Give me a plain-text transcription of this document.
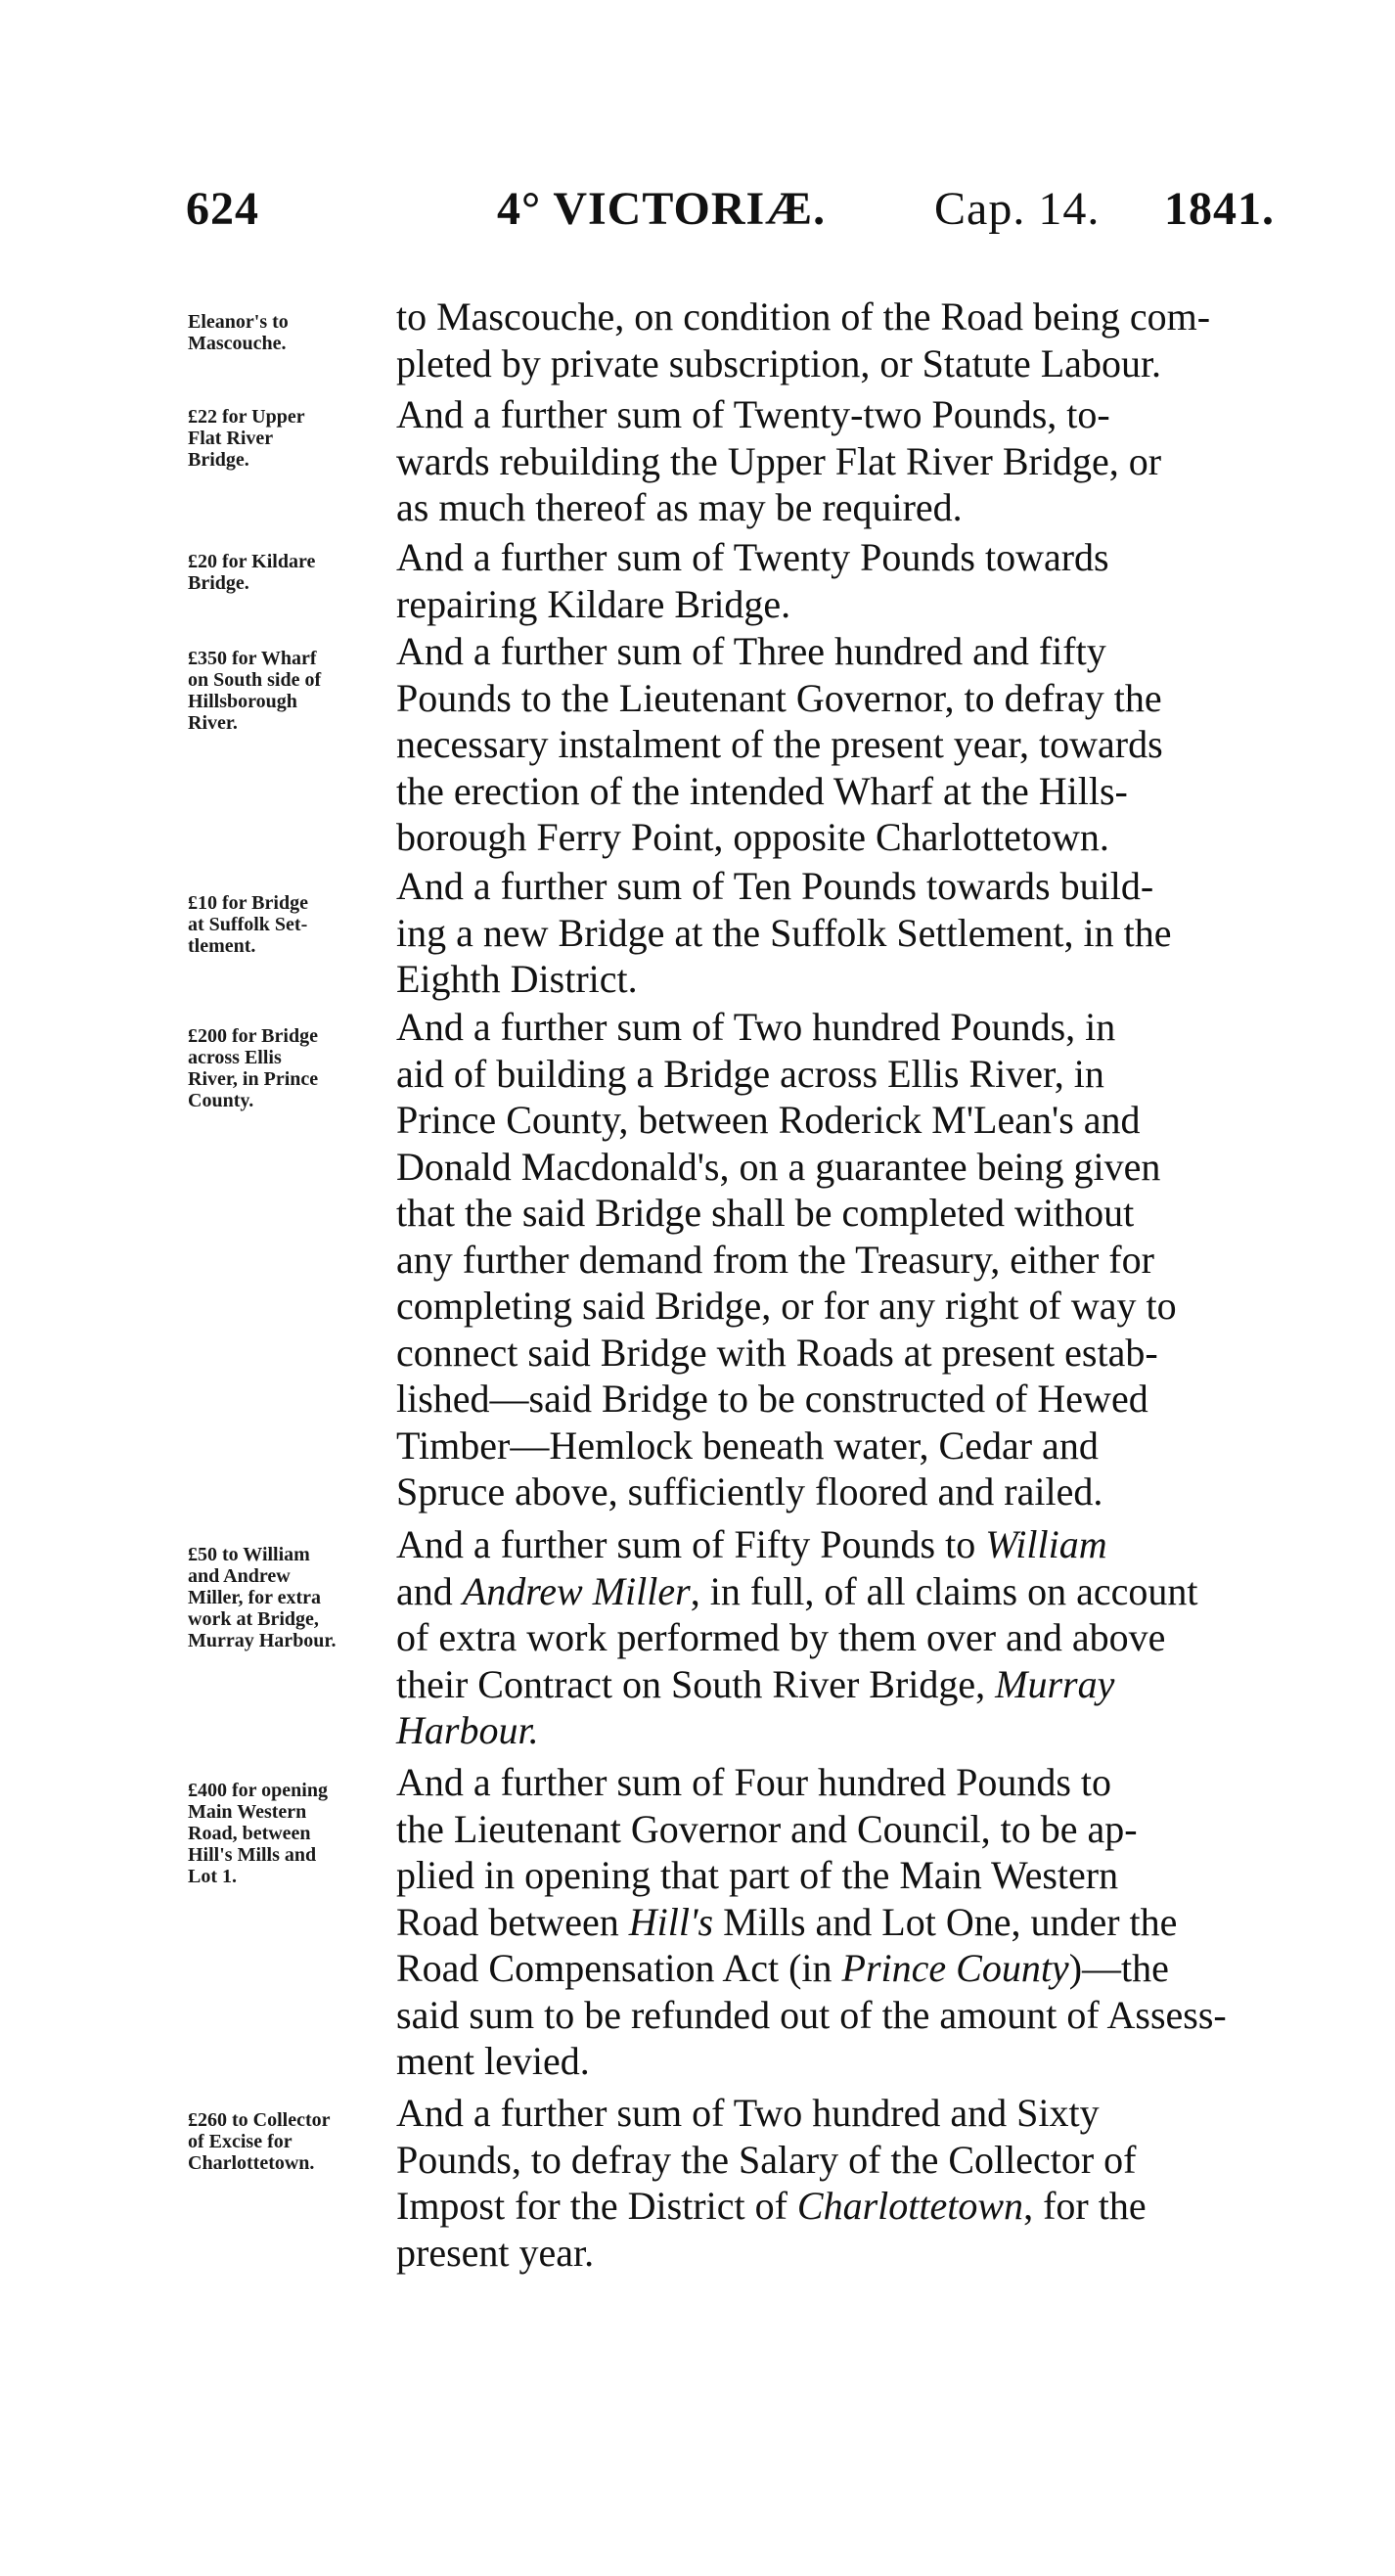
624	4° VICTORIÆ. Cap. 14. 1841.
Eleanor's to
Mascouche.
to Mascouche, on condition of the Road being com-
pleted by private subscription, or Statute Labour.
£22 for Upper
Flat River
Bridge.
And a further sum of Twenty-two Pounds, to-
wards rebuilding the Upper Flat River Bridge, or
as much thereof as may be required.
£20 for Kildare
Bridge.
And a further sum of Twenty Pounds towards
repairing Kildare Bridge.
£350 for Wharf
on South side of
Hillsborough
River.
And a further sum of Three hundred and fifty
Pounds to the Lieutenant Governor, to defray the
necessary instalment of the present year, towards
the erection of the intended Wharf at the Hills-
borough Ferry Point, opposite Charlottetown.
£10 for Bridge
at Suffolk Set-
tlement.
And a further sum of Ten Pounds towards build-
ing a new Bridge at the Suffolk Settlement, in the
Eighth District.
£200 for Bridge
across Ellis
River, in Prince
County.
And a further sum of Two hundred Pounds, in
aid of building a Bridge across Ellis River, in
Prince County, between Roderick M'Lean's and
Donald Macdonald's, on a guarantee being given
that the said Bridge shall be completed without
any further demand from the Treasury, either for
completing said Bridge, or for any right of way to
connect said Bridge with Roads at present estab-
lished—said Bridge to be constructed of Hewed
Timber—Hemlock beneath water, Cedar and
Spruce above, sufficiently floored and railed.
£50 to William
and Andrew
Miller, for extra
work at Bridge,
Murray Harbour.
And a further sum of Fifty Pounds to William
and Andrew Miller, in full, of all claims on account
of extra work performed by them over and above
their Contract on South River Bridge, Murray
Harbour.
£400 for opening
Main Western
Road, between
Hill's Mills and
Lot 1.
And a further sum of Four hundred Pounds to
the Lieutenant Governor and Council, to be ap-
plied in opening that part of the Main Western
Road between Hill's Mills and Lot One, under the
Road Compensation Act (in Prince County)—the
said sum to be refunded out of the amount of Assess-
ment levied.
£260 to Collector
of Excise for
Charlottetown.
And a further sum of Two hundred and Sixty
Pounds, to defray the Salary of the Collector of
Impost for the District of Charlottetown, for the
present year.
